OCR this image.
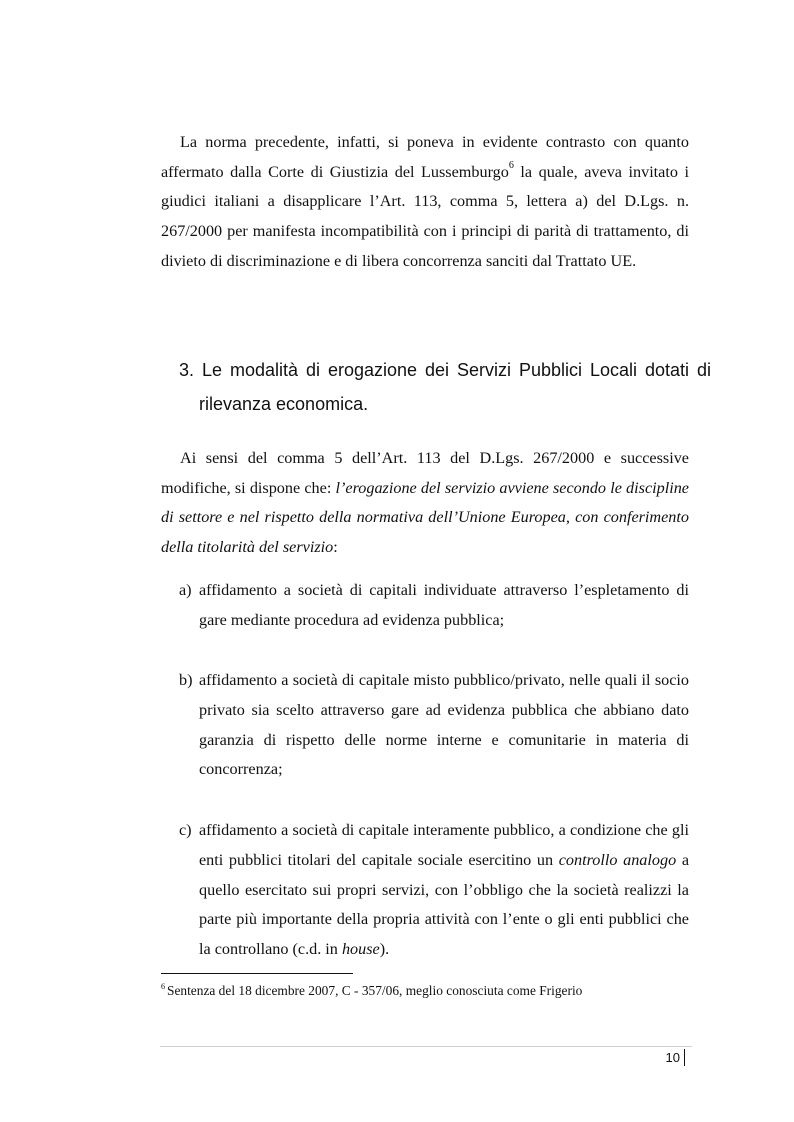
La norma precedente, infatti, si poneva in evidente contrasto con quanto affermato dalla Corte di Giustizia del Lussemburgo$^6$ la quale, aveva invitato i giudici italiani a disapplicare l’Art. 113, comma 5, lettera a) del D.Lgs. n. 267/2000 per manifesta incompatibilità con i principi di parità di trattamento, di divieto di discriminazione e di libera concorrenza sanciti dal Trattato UE.

3. Le modalità di erogazione dei Servizi Pubblici Locali dotati di rilevanza economica.

Ai sensi del comma 5 dell’Art. 113 del D.Lgs. 267/2000 e successive modifiche, si dispone che: l’erogazione del servizio avviene secondo le discipline di settore e nel rispetto della normativa dell’Unione Europea, con conferimento della titolarità del servizio:

a) affidamento a società di capitali individuate attraverso l’espletamento di gare mediante procedura ad evidenza pubblica;
b) affidamento a società di capitale misto pubblico/privato, nelle quali il socio privato sia scelto attraverso gare ad evidenza pubblica che abbiano dato garanzia di rispetto delle norme interne e comunitarie in materia di concorrenza;
c) affidamento a società di capitale interamente pubblico, a condizione che gli enti pubblici titolari del capitale sociale esercitino un controllo analogo a quello esercitato sui propri servizi, con l’obbligo che la società realizzi la parte più importante della propria attività con l’ente o gli enti pubblici che la controllano (c.d. in house).
$^6$ Sentenza del 18 dicembre 2007, C - 357/06, meglio conosciuta come Frigerio
10
